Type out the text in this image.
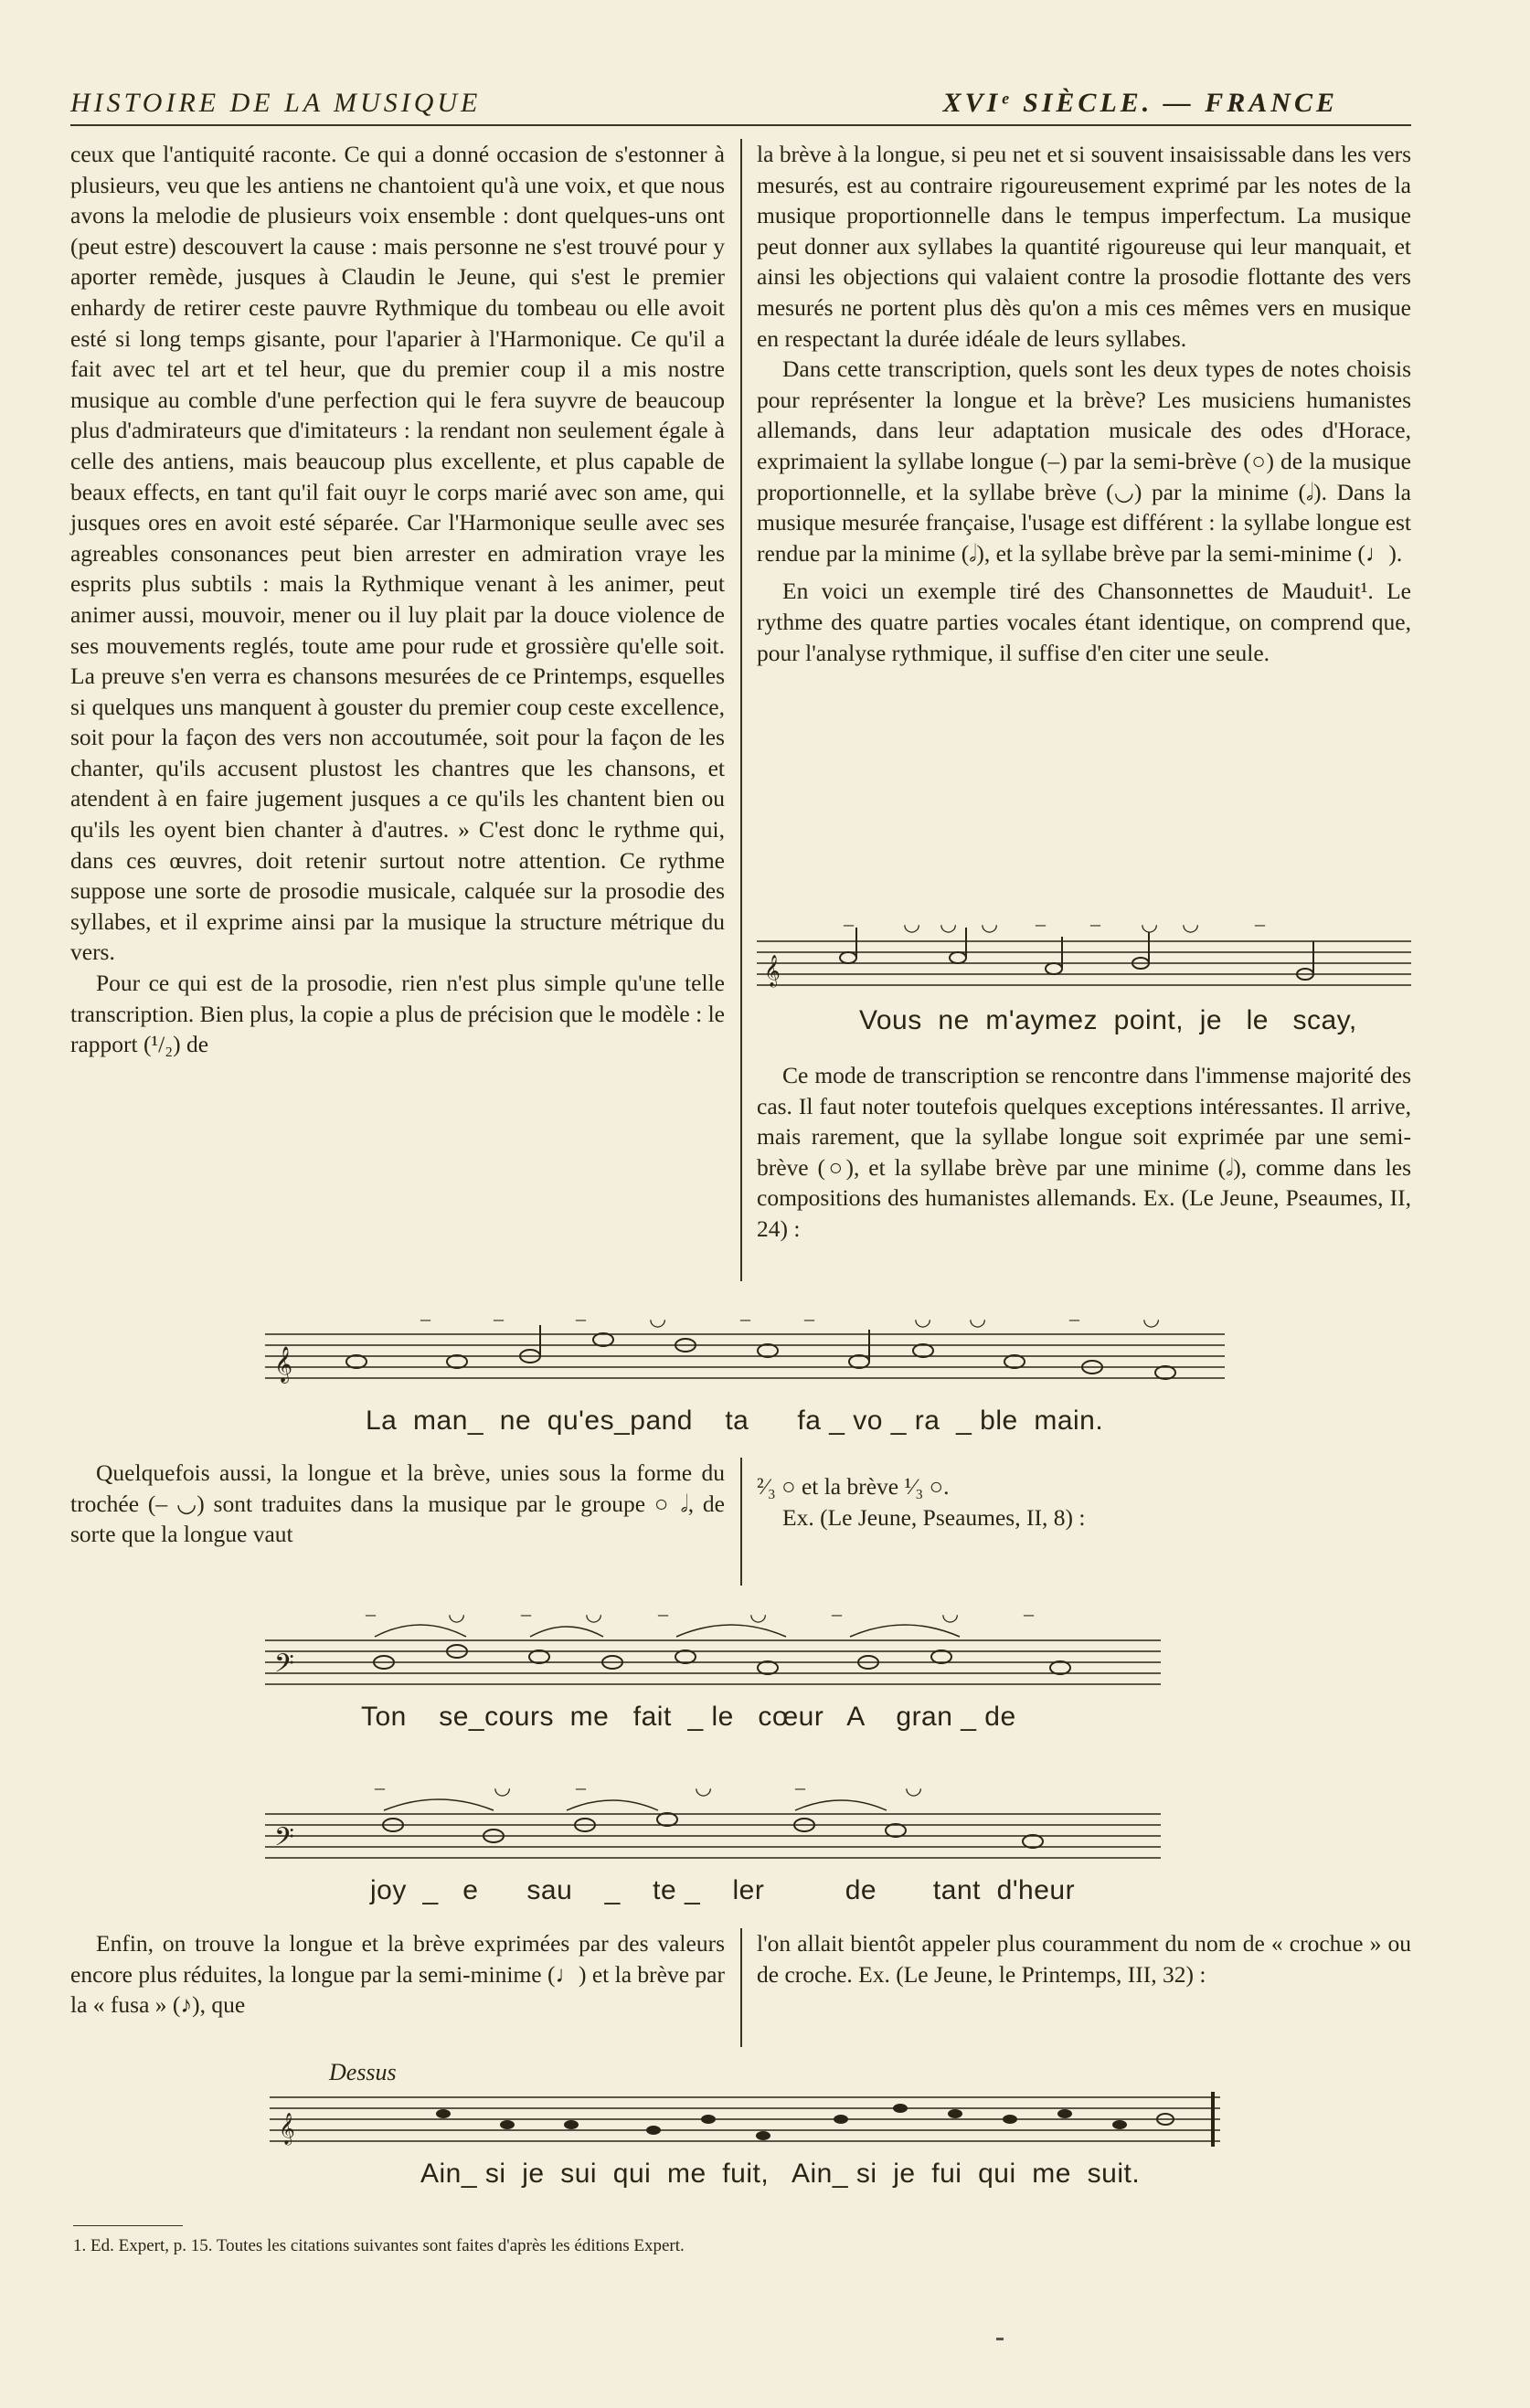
HISTOIRE DE LA MUSIQUE	XVIᵉ SIÈCLE. — FRANCE

ceux que l'antiquité raconte. Ce qui a donné occasion de s'estonner à plusieurs, veu que les antiens ne chantoient qu'à une voix, et que nous avons la melodie de plusieurs voix ensemble : dont quelques-uns ont (peut estre) descouvert la cause : mais personne ne s'est trouvé pour y aporter remède, jusques à Claudin le Jeune, qui s'est le premier enhardy de retirer ceste pauvre Rythmique du tombeau ou elle avoit esté si long temps gisante, pour l'aparier à l'Harmonique. Ce qu'il a fait avec tel art et tel heur, que du premier coup il a mis nostre musique au comble d'une perfection qui le fera suyvre de beaucoup plus d'admirateurs que d'imitateurs : la rendant non seulement égale à celle des antiens, mais beaucoup plus excellente, et plus capable de beaux effects, en tant qu'il fait ouyr le corps marié avec son ame, qui jusques ores en avoit esté séparée. Car l'Harmonique seulle avec ses agreables consonances peut bien arrester en admiration vraye les esprits plus subtils : mais la Rythmique venant à les animer, peut animer aussi, mouvoir, mener ou il luy plait par la douce violence de ses mouvements reglés, toute ame pour rude et grossière qu'elle soit. La preuve s'en verra es chansons mesurées de ce Printemps, esquelles si quelques uns manquent à gouster du premier coup ceste excellence, soit pour la façon des vers non accoutumée, soit pour la façon de les chanter, qu'ils accusent plustost les chantres que les chansons, et atendent à en faire jugement jusques a ce qu'ils les chantent bien ou qu'ils les oyent bien chanter à d'autres. » C'est donc le rythme qui, dans ces œuvres, doit retenir surtout notre attention. Ce rythme suppose une sorte de prosodie musicale, calquée sur la prosodie des syllabes, et il exprime ainsi par la musique la structure métrique du vers.

Pour ce qui est de la prosodie, rien n'est plus simple qu'une telle transcription. Bien plus, la copie a plus de précision que le modèle : le rapport (¹/₂) de

la brève à la longue, si peu net et si souvent insaisissable dans les vers mesurés, est au contraire rigoureusement exprimé par les notes de la musique proportionnelle dans le tempus imperfectum. La musique peut donner aux syllabes la quantité rigoureuse qui leur manquait, et ainsi les objections qui valaient contre la prosodie flottante des vers mesurés ne portent plus dès qu'on a mis ces mêmes vers en musique en respectant la durée idéale de leurs syllabes.

Dans cette transcription, quels sont les deux types de notes choisis pour représenter la longue et la brève? Les musiciens humanistes allemands, dans leur adaptation musicale des odes d'Horace, exprimaient la syllabe longue (–) par la semi-brève (○) de la musique proportionnelle, et la syllabe brève (◡) par la minime (𝅗𝅥). Dans la musique mesurée française, l'usage est différent : la syllabe longue est rendue par la minime (𝅗𝅥), et la syllabe brève par la semi-minime (♩).

En voici un exemple tiré des Chansonnettes de Mauduit¹. Le rythme des quatre parties vocales étant identique, on comprend que, pour l'analyse rythmique, il suffise d'en citer une seule.

– ◡ ◡ ◡ – – ◡ ◡	–
𝄞
Vous  ne  m'aymez  point,  je   le   scay,

Ce mode de transcription se rencontre dans l'immense majorité des cas. Il faut noter toutefois quelques exceptions intéressantes. Il arrive, mais rarement, que la syllabe longue soit exprimée par une semi-brève (○), et la syllabe brève par une minime (𝅗𝅥), comme dans les compositions des humanistes allemands. Ex. (Le Jeune, Pseaumes, II, 24) :

–	–	–	◡	–	–	◡ ◡	–	◡
𝄞
La  man_  ne  qu'es_pand    ta      fa _ vo _ ra  _ ble  main.

Quelquefois aussi, la longue et la brève, unies sous la forme du trochée (– ◡) sont traduites dans la musique par le groupe ○ 𝅗𝅥, de sorte que la longue vaut

²⁄₃ ○ et la brève ¹⁄₃ ○.

Ex. (Le Jeune, Pseaumes, II, 8) :

–	◡	–	◡	–	◡	–	◡	–
𝄢
Ton    se_cours  me   fait  _ le   cœur   A    gran _ de
–	◡	–	◡	–	◡
𝄢
joy  _   e      sau    _    te _    ler          de       tant  d'heur

Enfin, on trouve la longue et la brève exprimées par des valeurs encore plus réduites, la longue par la semi-minime (♩) et la brève par la « fusa » (♪), que

l'on allait bientôt appeler plus couramment du nom de « crochue » ou de croche. Ex. (Le Jeune, le Printemps, III, 32) :

Dessus
𝄞
Ain_ si  je  sui  qui  me  fuit,   Ain_ si  je  fui  qui  me  suit.
1. Ed. Expert, p. 15. Toutes les citations suivantes sont faites d'après les éditions Expert.
